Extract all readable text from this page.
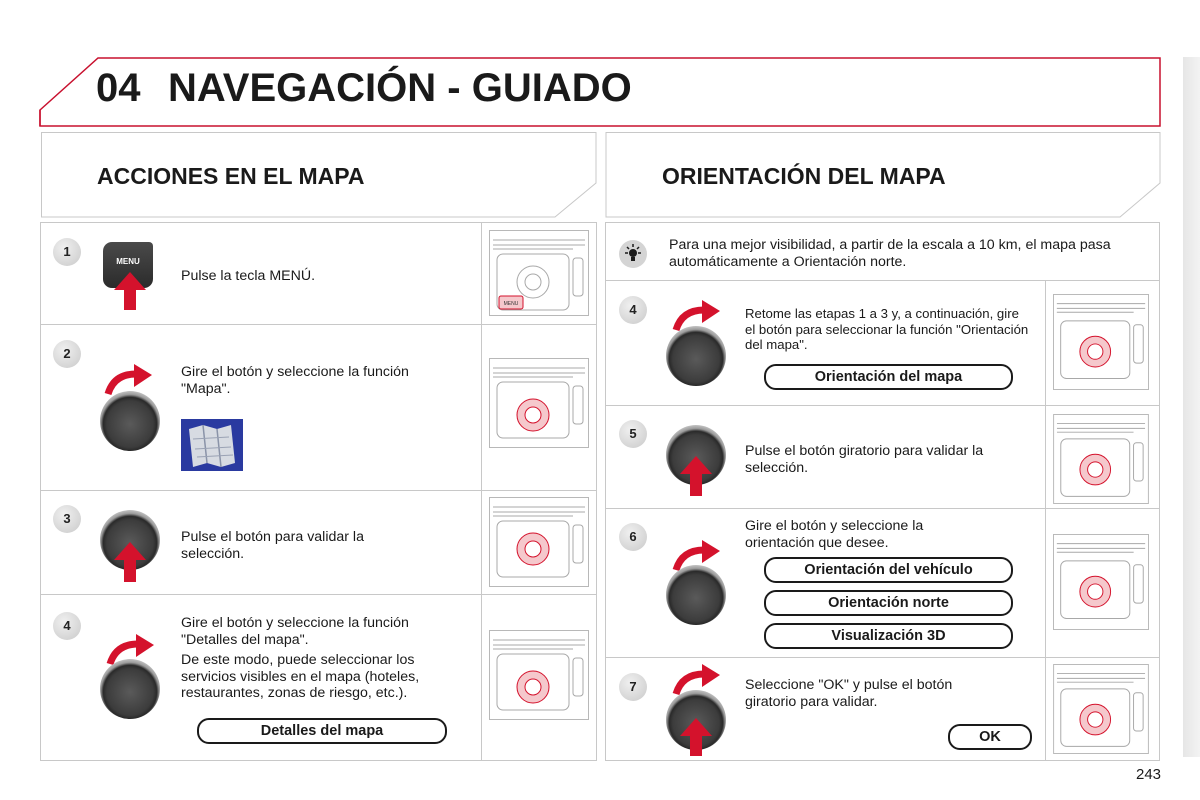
04 NAVEGACIÓN - GUIADO
ACCIONES EN EL MAPA	ORIENTACIÓN DEL MAPA
1
MENU
Pulse la tecla MENÚ.
2
Gire el botón y seleccione la función "Mapa".
3
Pulse el botón para validar la selección.
4	Gire el botón y seleccione la función "Detalles del mapa".
De este modo, puede seleccionar los servicios visibles en el mapa (hoteles, restaurantes, zonas de riesgo, etc.).
Detalles del mapa
Para una mejor visibilidad, a partir de la escala a 10 km, el mapa pasa automáticamente a Orientación norte.
4	Retome las etapas 1 a 3 y, a continuación, gire el botón para seleccionar la función "Orientación del mapa".
Orientación del mapa
5
Pulse el botón giratorio para validar la selección.
6
Gire el botón y seleccione la orientación que desee.
Orientación del vehículo
Orientación norte
Visualización 3D
7	Seleccione "OK" y pulse el botón giratorio para validar.
OK
MENU
243
